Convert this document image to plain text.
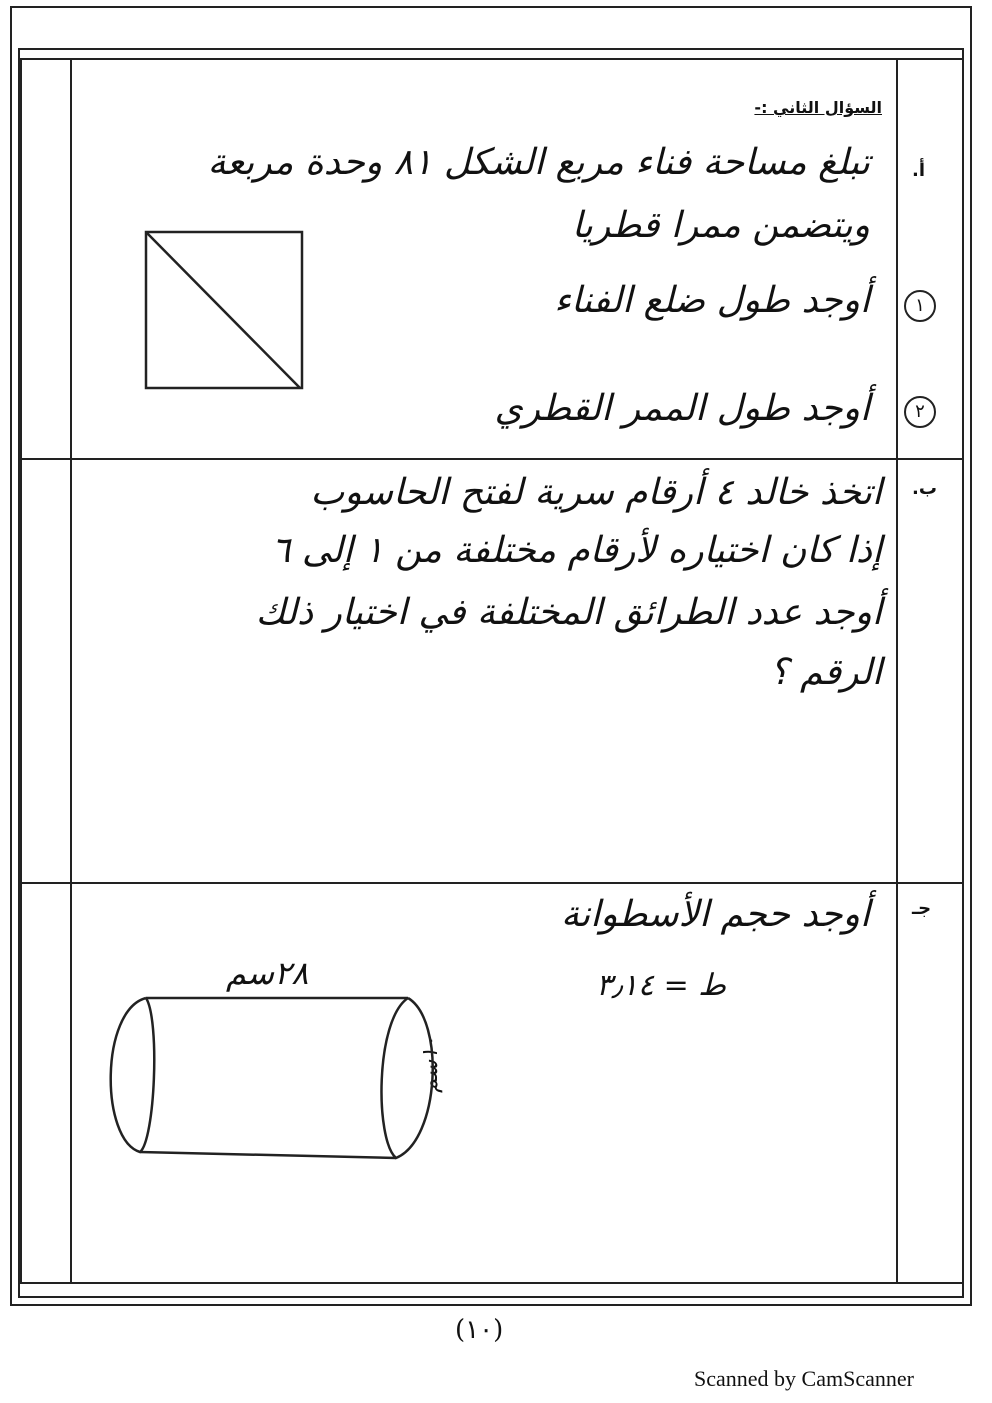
السؤال الثاني :-
أ.
تبلغ مساحة فناء مربع الشكل ٨١ وحدة مربعة
ويتضمن ممرا قطريا
١
أوجد طول ضلع الفناء
٢
أوجد طول الممر القطري
ب.
اتخذ خالد ٤ أرقام سرية لفتح الحاسوب
إذا كان اختياره لأرقام مختلفة من ١ إلى ٦
أوجد عدد الطرائق المختلفة في اختيار ذلك
الرقم ؟
جـ
أوجد حجم الأسطوانة
ط = ٣٫١٤
٢٨سم
١٠سم
(١٠)
Scanned by CamScanner
